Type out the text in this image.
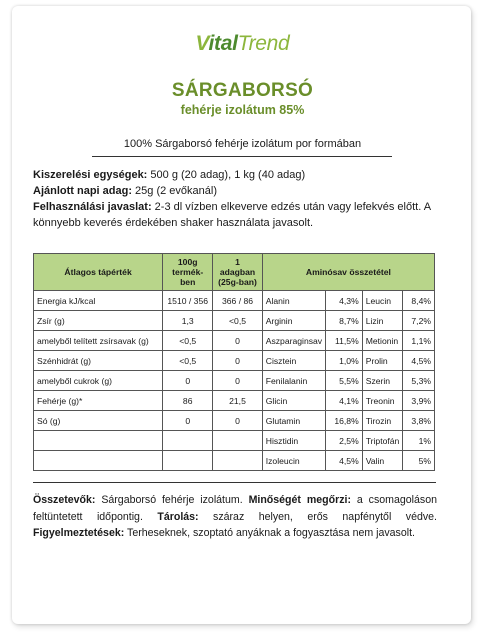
VitalTrend
SÁRGABORSÓ
fehérje izolátum 85%
100% Sárgaborsó fehérje izolátum por formában
Kiszerelési egységek: 500 g (20 adag), 1 kg (40 adag)
Ajánlott napi adag: 25g (2 evőkanál)
Felhasználási javaslat: 2-3 dl vízben elkeverve edzés után vagy lefekvés előtt. A könnyebb keverés érdekében shaker használata javasolt.
Átlagos tápérték	100g
termék-
ben	1 adagban
(25g-ban)	Aminósav összetétel			
Energia kJ/kcal	1510 / 356	366 / 86	Alanin	4,3%	Leucin	8,4%
Zsír (g)	1,3	<0,5	Arginin	8,7%	Lizin	7,2%
amelyből telített zsírsavak (g)	<0,5	0	Aszparaginsav	11,5%	Metionin	1,1%
Szénhidrát (g)	<0,5	0	Cisztein	1,0%	Prolin	4,5%
amelyből cukrok (g)	0	0	Fenilalanin	5,5%	Szerin	5,3%
Fehérje (g)*	86	21,5	Glicin	4,1%	Treonin	3,9%
Só (g)	0	0	Glutamin	16,8%	Tirozin	3,8%
			Hisztidin	2,5%	Triptofán	1%
			Izoleucin	4,5%	Valin	5%
Összetevők: Sárgaborsó fehérje izolátum. Minőségét megőrzi: a csomagoláson feltüntetett időpontig. Tárolás: száraz helyen, erős napfénytől védve. Figyelmeztetések: Terheseknek, szoptató anyáknak a fogyasztása nem javasolt.
